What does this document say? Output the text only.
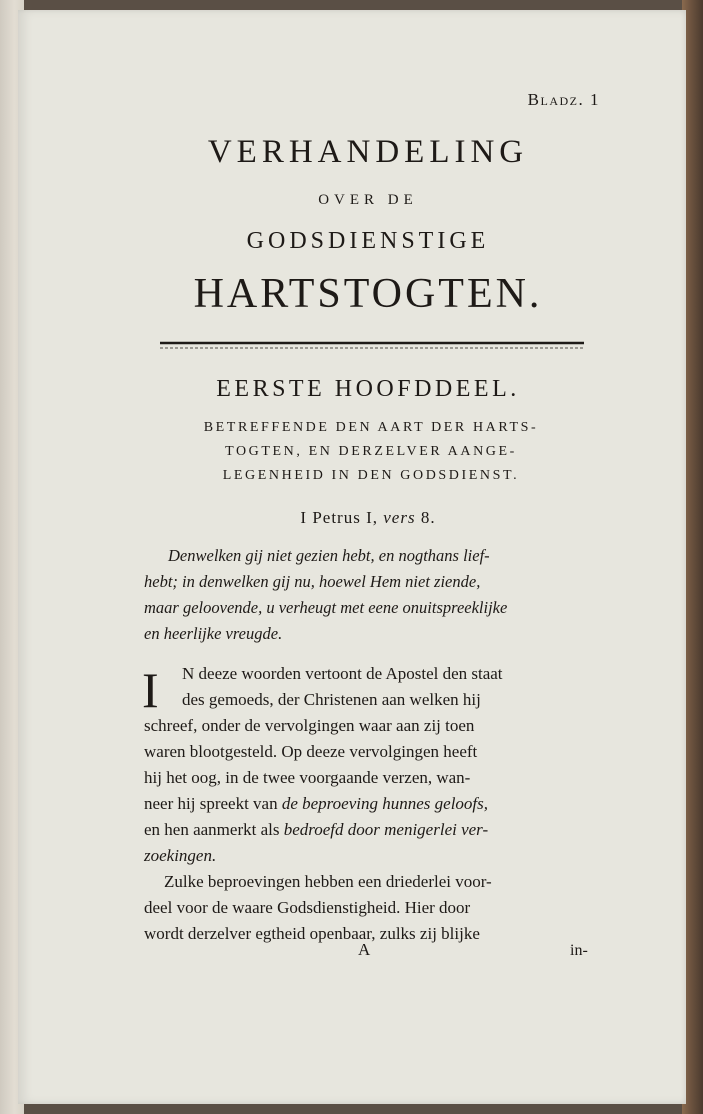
Bladz. 1
VERHANDELING
OVER DE
GODSDIENSTIGE
HARTSTOGTEN.
EERSTE HOOFDDEEL.
BETREFFENDE DEN AART DER HARTS-
TOGTEN, EN DERZELVER AANGE-
LEGENHEID IN DEN GODSDIENST.
I Petrus I, vers 8.
Denwelken gij niet gezien hebt, en nogthans lief-
hebt; in denwelken gij nu, hoewel Hem niet ziende,
maar geloovende, u verheugt met eene onuitspreeklijke
en heerlijke vreugde.
I N deeze woorden vertoont de Apostel den staat
des gemoeds, der Christenen aan welken hij
schreef, onder de vervolgingen waar aan zij toen
waren blootgesteld. Op deeze vervolgingen heeft
hij het oog, in de twee voorgaande verzen, wan-
neer hij spreekt van de beproeving hunnes geloofs,
en hen aanmerkt als bedroefd door menigerlei ver-
zoekingen.
Zulke beproevingen hebben een driederlei voor-
deel voor de waare Godsdienstigheid. Hier door
wordt derzelver egtheid openbaar, zulks zij blijke
A	in-
